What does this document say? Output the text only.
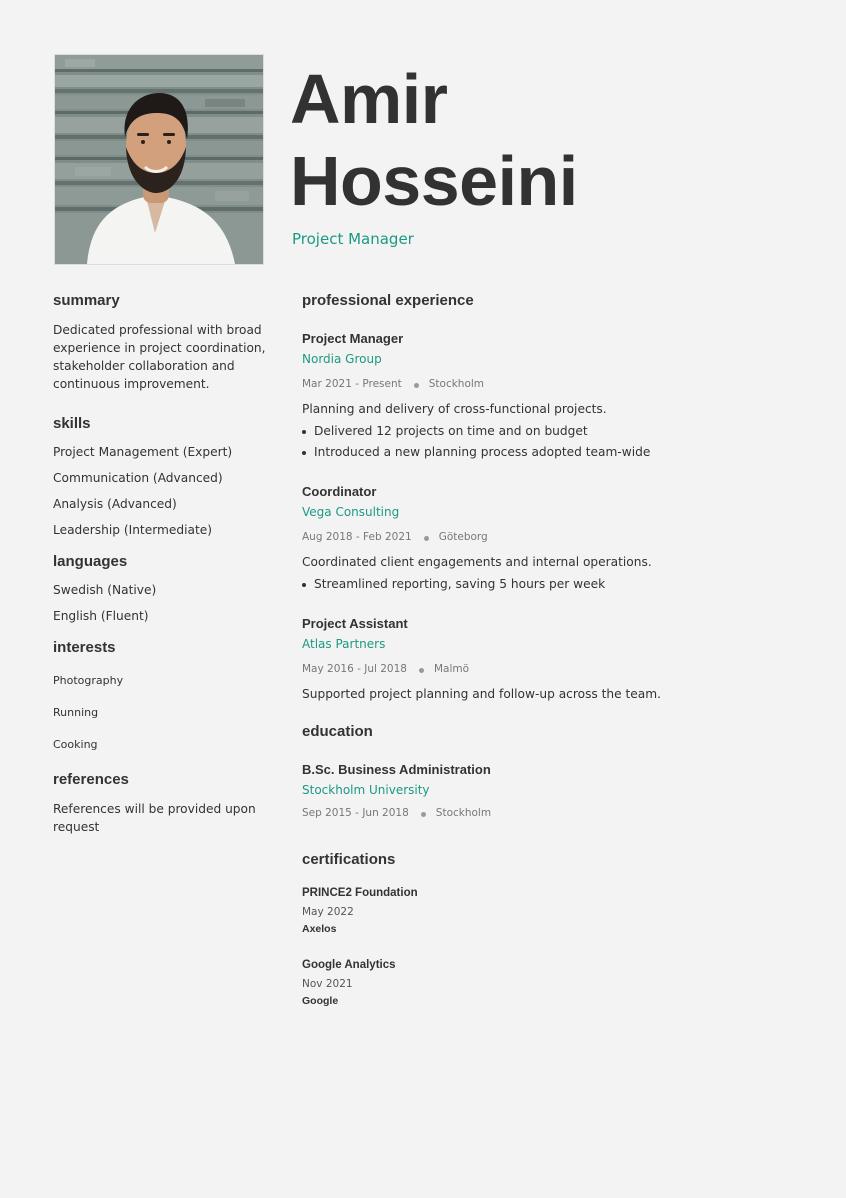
Amir
Hosseini
Project Manager
summary
Dedicated professional with broad experience in project coordination, stakeholder collaboration and continuous improvement.
skills
Project Management (Expert)
Communication (Advanced)
Analysis (Advanced)
Leadership (Intermediate)
languages
Swedish (Native)
English (Fluent)
interests
Photography
Running
Cooking
references
References will be provided upon request
professional experience
Project Manager
Nordia Group
Mar 2021 - Present	Stockholm
Planning and delivery of cross-functional projects.
Delivered 12 projects on time and on budget
Introduced a new planning process adopted team-wide
Coordinator
Vega Consulting
Aug 2018 - Feb 2021	Göteborg
Coordinated client engagements and internal operations.
Streamlined reporting, saving 5 hours per week
Project Assistant
Atlas Partners
May 2016 - Jul 2018	Malmö
Supported project planning and follow-up across the team.
education
B.Sc. Business Administration
Stockholm University
Sep 2015 - Jun 2018	Stockholm
certifications
PRINCE2 Foundation
May 2022
Axelos
Google Analytics
Nov 2021
Google
